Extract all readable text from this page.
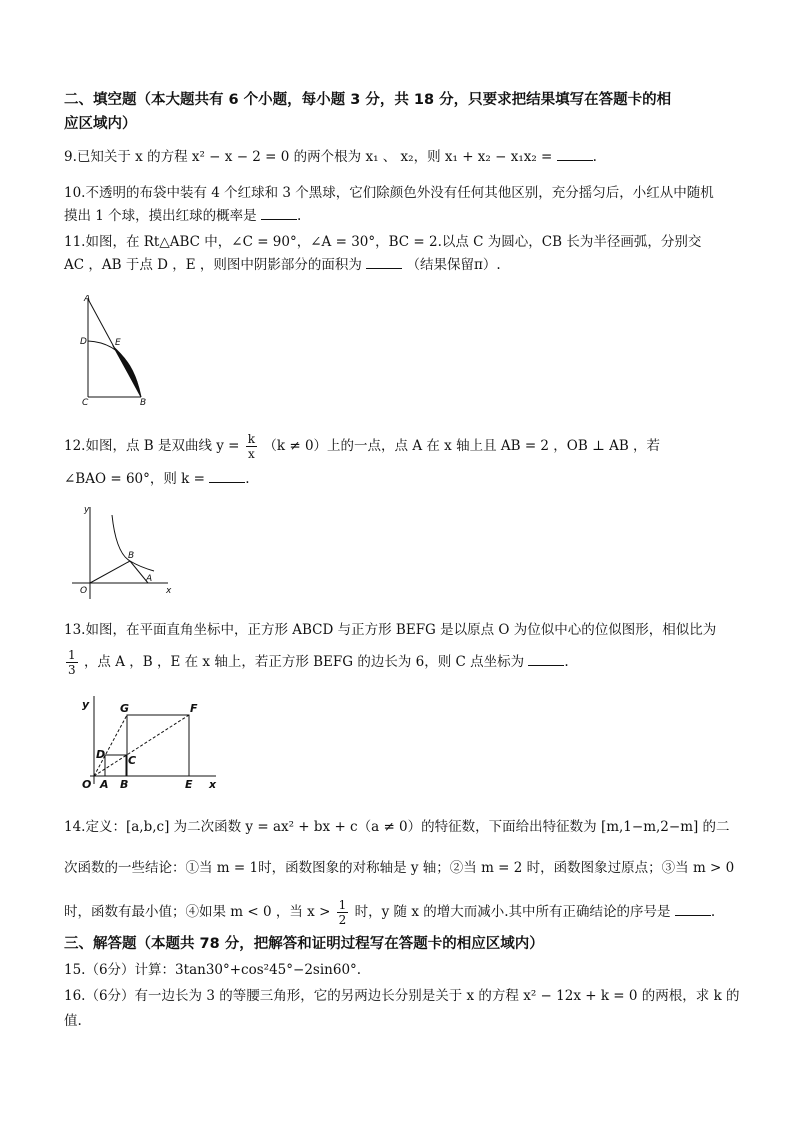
二、填空题（本大题共有 6 个小题，每小题 3 分，共 18 分，只要求把结果填写在答题卡的相
应区域内）
9.已知关于 x 的方程 x² − x − 2 = 0 的两个根为 x₁ 、 x₂，则 x₁ + x₂ − x₁x₂ =	.
10.不透明的布袋中装有 4 个红球和 3 个黑球，它们除颜色外没有任何其他区别，充分摇匀后，小红从中随机
摸出 1 个球，摸出红球的概率是	.
11.如图，在 Rt△ABC 中，∠C = 90°，∠A = 30°，BC = 2.以点 C 为圆心，CB 长为半径画弧，分别交
AC ，AB 于点 D ，E ，则图中阴影部分的面积为	（结果保留π）.
A
D	E
C	B
12.如图，点 B 是双曲线 $y = \frac{k}{x} (k \ne 0)$上的一点，点 A 在 x 轴上且 AB = 2 ，OB ⊥ AB ，若
∠BAO = 60°，则 k =	.
y
O
B
A
x
13.如图，在平面直角坐标中，正方形 ABCD 与正方形 BEFG 是以原点 O 为位似中心的位似图形，相似比为
$\frac{1}{3}$ ，点 A ，B ，E 在 x 轴上，若正方形 BEFG 的边长为 6，则 C 点坐标为	.
y	G	F
D C
O A B	E x
14.定义：[a,b,c] 为二次函数 y = ax² + bx + c（a ≠ 0）的特征数，下面给出特征数为 [m,1−m,2−m] 的二
次函数的一些结论：①当 m = 1时，函数图象的对称轴是 y 轴；②当 m = 2 时，函数图象过原点；③当 m > 0
时，函数有最小值；④如果 m < 0 ，当 $x > \frac{1}{2}$ 时，y 随 x 的增大而减小.其中所有正确结论的序号是	.
三、解答题（本题共 78 分，把解答和证明过程写在答题卡的相应区域内）
15.（6分）计算：3tan30°+cos²45°−2sin60°.
16.（6分）有一边长为 3 的等腰三角形，它的另两边长分别是关于 x 的方程 x² − 12x + k = 0 的两根，求 k 的
值.
